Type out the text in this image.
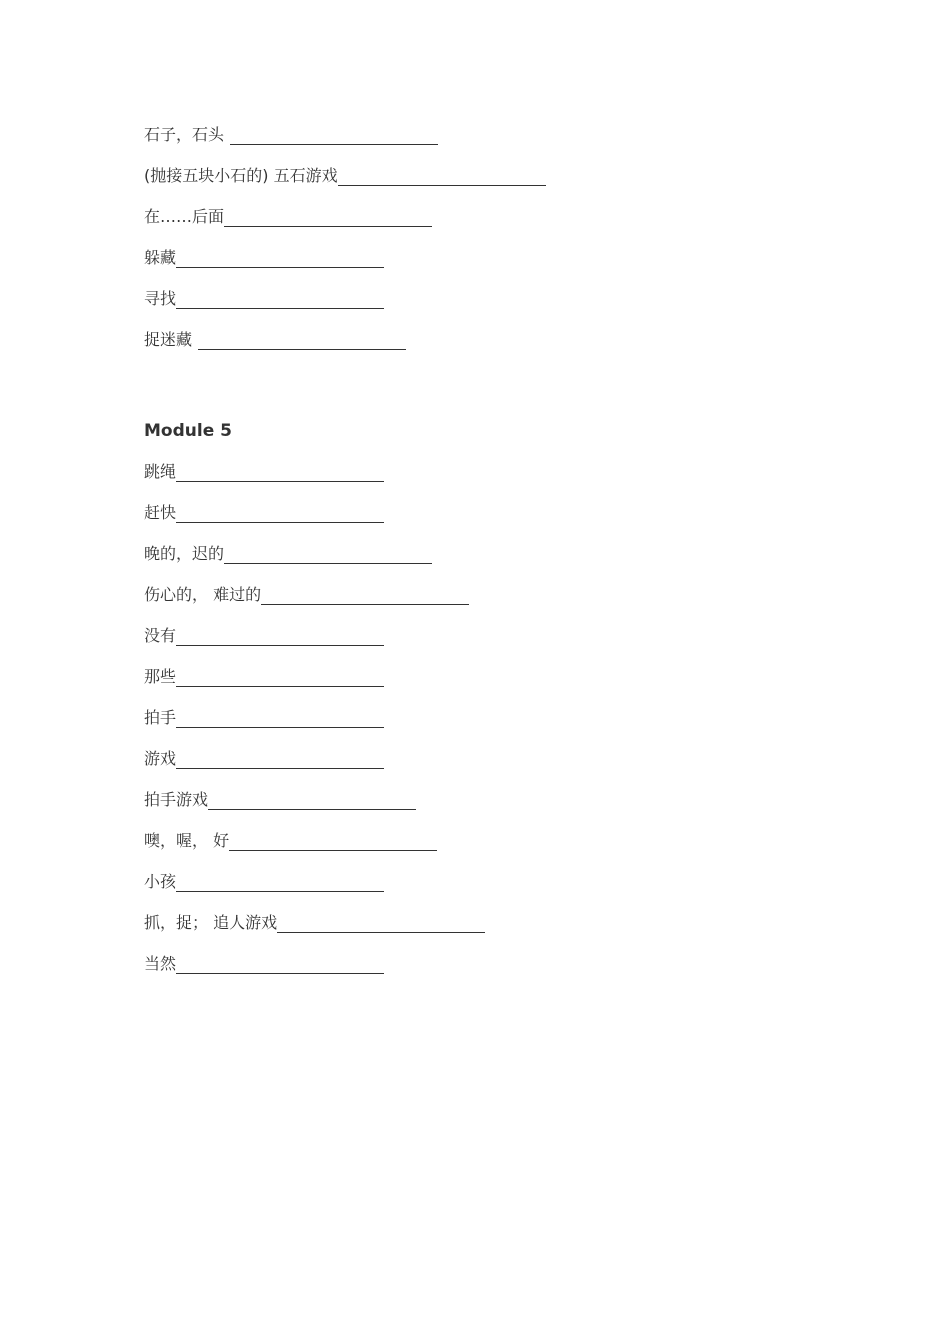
石子，石头
(抛接五块小石的) 五石游戏
在……后面
躲藏
寻找
捉迷藏
Module 5
跳绳
赶快
晚的，迟的
伤心的， 难过的
没有
那些
拍手
游戏
拍手游戏
噢，喔， 好
小孩
抓，捉； 追人游戏
当然
